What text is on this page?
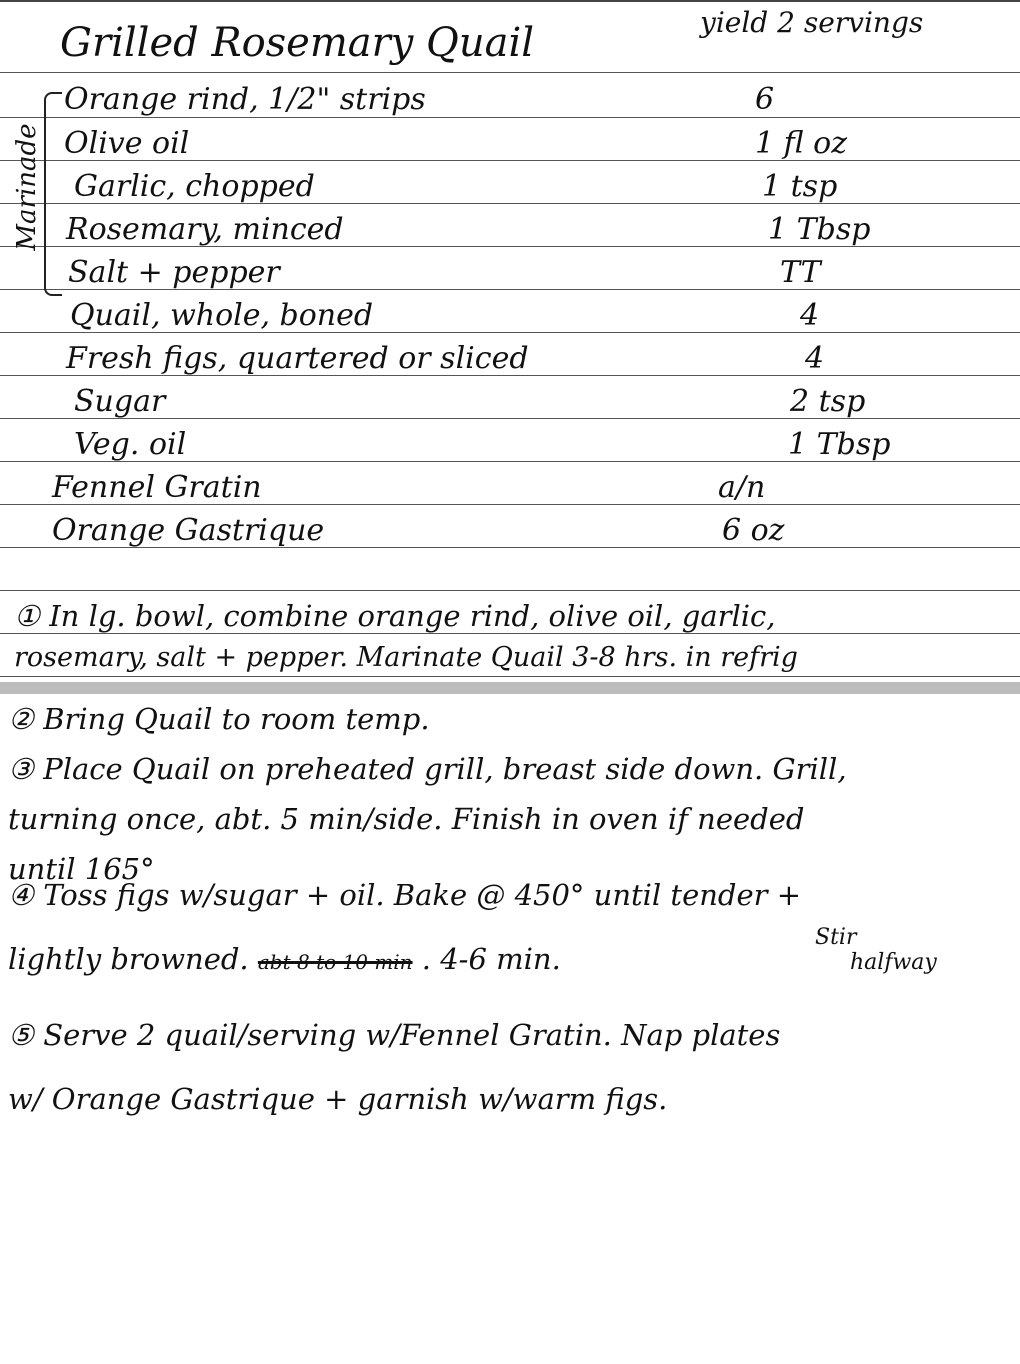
Grilled Rosemary Quail	yield 2 servings
Marinade
Orange rind, 1/2" strips	6
Olive oil	1 fl oz
Garlic, chopped	1 tsp
Rosemary, minced	1 Tbsp
Salt + pepper	TT
Quail, whole, boned	4
Fresh figs, quartered or sliced	4
Sugar	2 tsp
Veg. oil	1 Tbsp
Fennel Gratin	a/n
Orange Gastrique	6 oz
① In lg. bowl, combine orange rind, olive oil, garlic,
rosemary, salt + pepper. Marinate Quail 3-8 hrs. in refrig
② Bring Quail to room temp.
③ Place Quail on preheated grill, breast side down. Grill,
turning once, abt. 5 min/side. Finish in oven if needed
until 165°
④ Toss figs w/sugar + oil. Bake @ 450° until tender +
lightly browned. abt 8 to 10 min . 4-6 min.
Stir
halfway
⑤ Serve 2 quail/serving w/Fennel Gratin. Nap plates
w/ Orange Gastrique + garnish w/warm figs.
